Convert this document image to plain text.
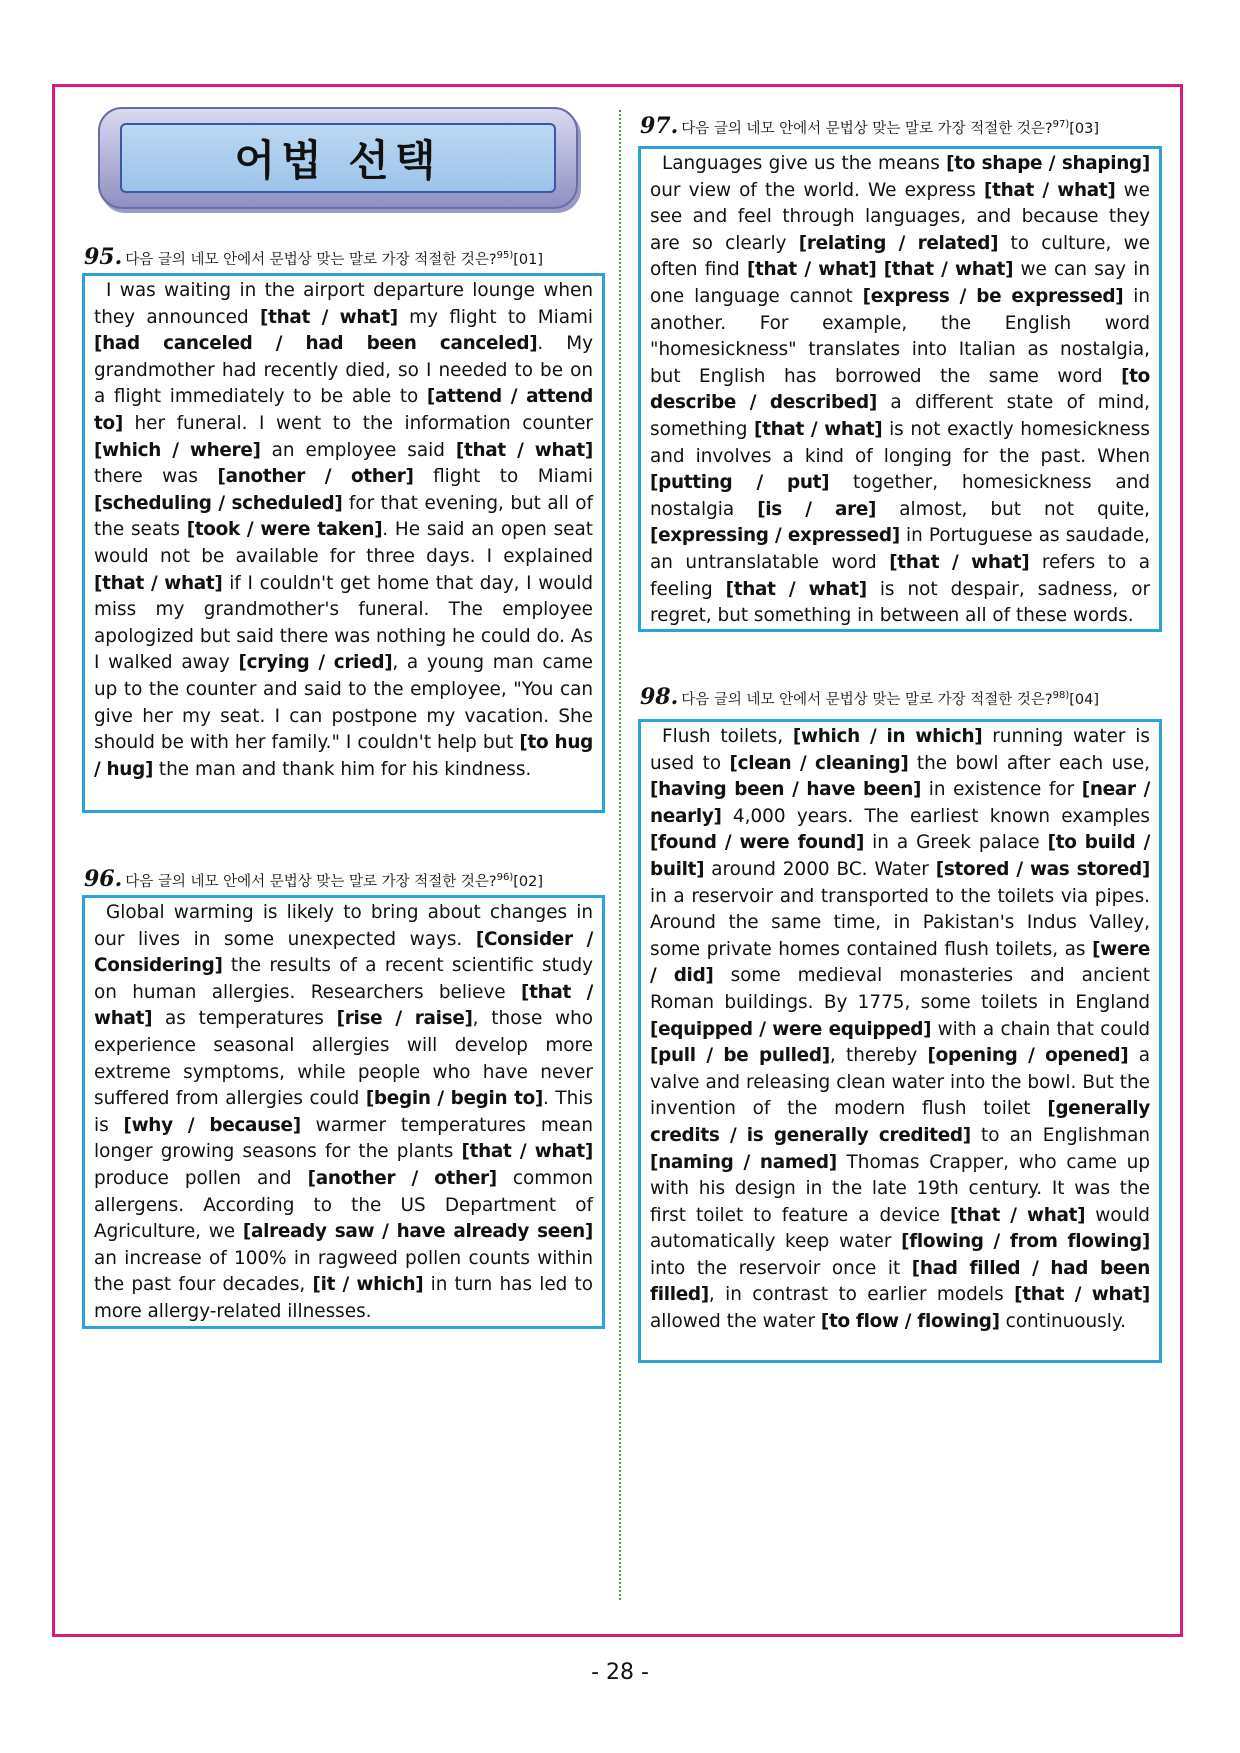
어법 선택
95. 다음 글의 네모 안에서 문법상 맞는 말로 가장 적절한 것은?$^{95)}$[01]

I was waiting in the airport departure lounge when they announced [that / what] my flight to Miami [had canceled / had been canceled]. My grandmother had recently died, so I needed to be on a flight immediately to be able to [attend / attend to] her funeral. I went to the information counter [which / where] an employee said [that / what] there was [another / other] flight to Miami [scheduling / scheduled] for that evening, but all of the seats [took / were taken]. He said an open seat would not be available for three days. I explained [that / what] if I couldn't get home that day, I would miss my grandmother's funeral. The employee apologized but said there was nothing he could do. As I walked away [crying / cried], a young man came up to the counter and said to the employee, "You can give her my seat. I can postpone my vacation. She should be with her family." I couldn't help but [to hug / hug] the man and thank him for his kindness.

96. 다음 글의 네모 안에서 문법상 맞는 말로 가장 적절한 것은?$^{96)}$[02]

Global warming is likely to bring about changes in our lives in some unexpected ways. [Consider / Considering] the results of a recent scientific study on human allergies. Researchers believe [that / what] as temperatures [rise / raise], those who experience seasonal allergies will develop more extreme symptoms, while people who have never suffered from allergies could [begin / begin to]. This is [why / because] warmer temperatures mean longer growing seasons for the plants [that / what] produce pollen and [another / other] common allergens. According to the US Department of Agriculture, we [already saw / have already seen] an increase of 100% in ragweed pollen counts within the past four decades, [it / which] in turn has led to more allergy-related illnesses.

97. 다음 글의 네모 안에서 문법상 맞는 말로 가장 적절한 것은?$^{97)}$[03]

Languages give us the means [to shape / shaping] our view of the world. We express [that / what] we see and feel through languages, and because they are so clearly [relating / related] to culture, we often find [that / what] [that / what] we can say in one language cannot [express / be expressed] in another. For example, the English word "homesickness" translates into Italian as nostalgia, but English has borrowed the same word [to describe / described] a different state of mind, something [that / what] is not exactly homesickness and involves a kind of longing for the past. When [putting / put] together, homesickness and nostalgia [is / are] almost, but not quite, [expressing / expressed] in Portuguese as saudade, an untranslatable word [that / what] refers to a feeling [that / what] is not despair, sadness, or regret, but something in between all of these words.

98. 다음 글의 네모 안에서 문법상 맞는 말로 가장 적절한 것은?$^{98)}$[04]

Flush toilets, [which / in which] running water is used to [clean / cleaning] the bowl after each use, [having been / have been] in existence for [near / nearly] 4,000 years. The earliest known examples [found / were found] in a Greek palace [to build / built] around 2000 BC. Water [stored / was stored] in a reservoir and transported to the toilets via pipes. Around the same time, in Pakistan's Indus Valley, some private homes contained flush toilets, as [were / did] some medieval monasteries and ancient Roman buildings. By 1775, some toilets in England [equipped / were equipped] with a chain that could [pull / be pulled], thereby [opening / opened] a valve and releasing clean water into the bowl. But the invention of the modern flush toilet [generally credits / is generally credited] to an Englishman [naming / named] Thomas Crapper, who came up with his design in the late 19th century. It was the first toilet to feature a device [that / what] would automatically keep water [flowing / from flowing] into the reservoir once it [had filled / had been filled], in contrast to earlier models [that / what] allowed the water [to flow / flowing] continuously.

- 28 -
